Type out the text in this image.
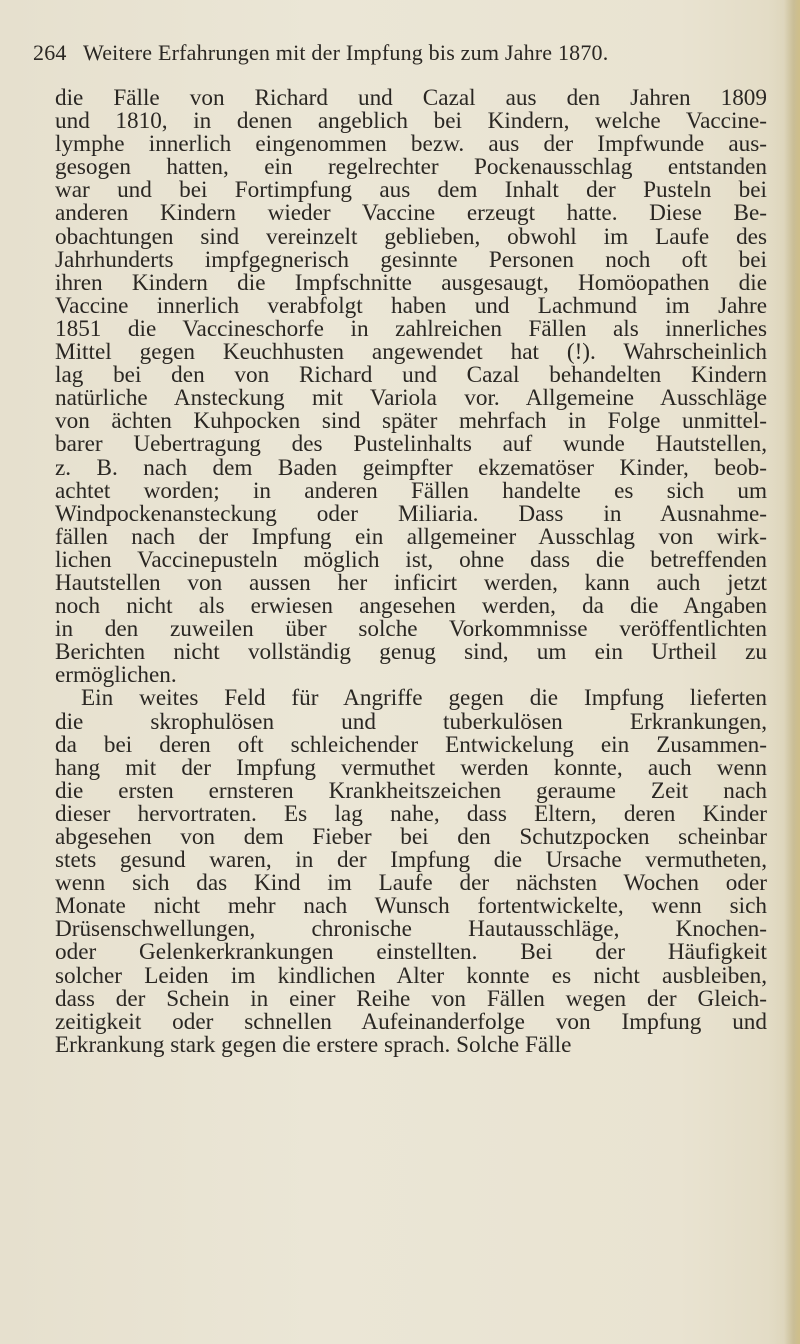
264 Weitere Erfahrungen mit der Impfung bis zum Jahre 1870.
die Fälle von Richard und Cazal aus den Jahren 1809
und 1810, in denen angeblich bei Kindern, welche Vaccine-
lymphe innerlich eingenommen bezw. aus der Impfwunde aus-
gesogen hatten, ein regelrechter Pockenausschlag entstanden
war und bei Fortimpfung aus dem Inhalt der Pusteln bei
anderen Kindern wieder Vaccine erzeugt hatte. Diese Be-
obachtungen sind vereinzelt geblieben, obwohl im Laufe des
Jahrhunderts impfgegnerisch gesinnte Personen noch oft bei
ihren Kindern die Impfschnitte ausgesaugt, Homöopathen die
Vaccine innerlich verabfolgt haben und Lachmund im Jahre
1851 die Vaccineschorfe in zahlreichen Fällen als innerliches
Mittel gegen Keuchhusten angewendet hat (!). Wahrscheinlich
lag bei den von Richard und Cazal behandelten Kindern
natürliche Ansteckung mit Variola vor. Allgemeine Ausschläge
von ächten Kuhpocken sind später mehrfach in Folge unmittel-
barer Uebertragung des Pustelinhalts auf wunde Hautstellen,
z. B. nach dem Baden geimpfter ekzematöser Kinder, beob-
achtet worden; in anderen Fällen handelte es sich um
Windpockenansteckung oder Miliaria. Dass in Ausnahme-
fällen nach der Impfung ein allgemeiner Ausschlag von wirk-
lichen Vaccinepusteln möglich ist, ohne dass die betreffenden
Hautstellen von aussen her inficirt werden, kann auch jetzt
noch nicht als erwiesen angesehen werden, da die Angaben
in den zuweilen über solche Vorkommnisse veröffentlichten
Berichten nicht vollständig genug sind, um ein Urtheil zu
ermöglichen.
Ein weites Feld für Angriffe gegen die Impfung lieferten
die skrophulösen und tuberkulösen Erkrankungen,
da bei deren oft schleichender Entwickelung ein Zusammen-
hang mit der Impfung vermuthet werden konnte, auch wenn
die ersten ernsteren Krankheitszeichen geraume Zeit nach
dieser hervortraten. Es lag nahe, dass Eltern, deren Kinder
abgesehen von dem Fieber bei den Schutzpocken scheinbar
stets gesund waren, in der Impfung die Ursache vermutheten,
wenn sich das Kind im Laufe der nächsten Wochen oder
Monate nicht mehr nach Wunsch fortentwickelte, wenn sich
Drüsenschwellungen, chronische Hautausschläge, Knochen-
oder Gelenkerkrankungen einstellten. Bei der Häufigkeit
solcher Leiden im kindlichen Alter konnte es nicht ausbleiben,
dass der Schein in einer Reihe von Fällen wegen der Gleich-
zeitigkeit oder schnellen Aufeinanderfolge von Impfung und
Erkrankung stark gegen die erstere sprach. Solche Fälle
